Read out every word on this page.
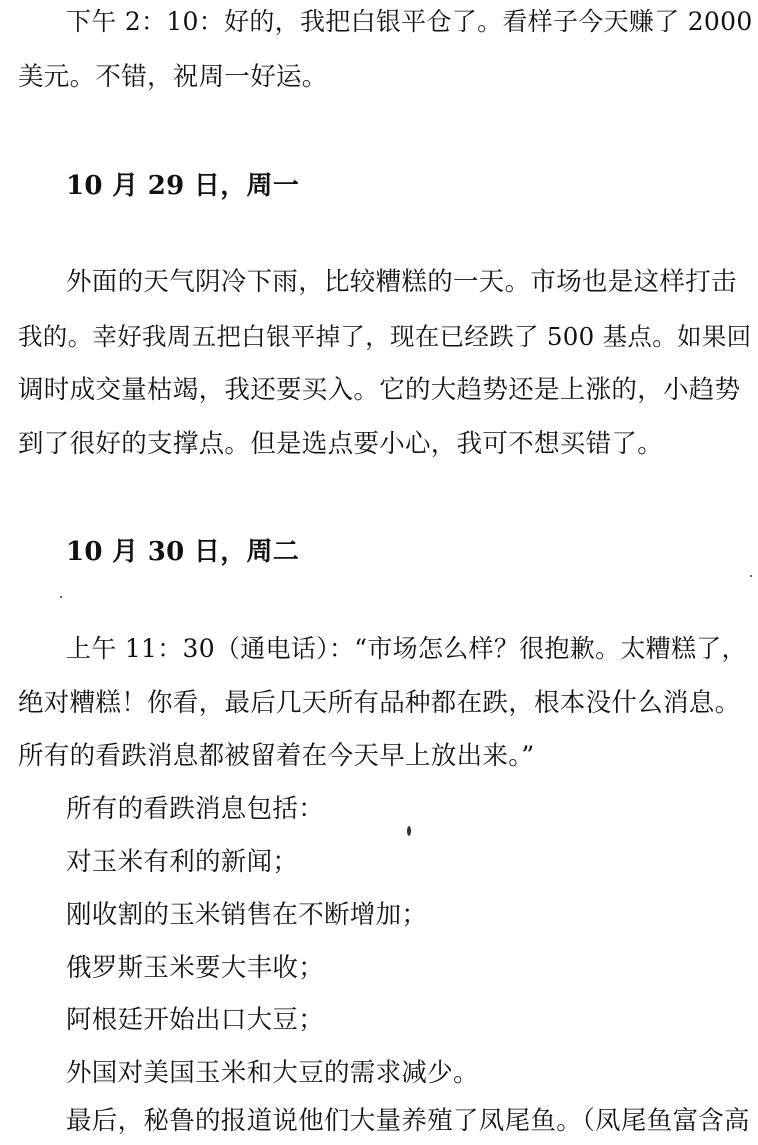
下午 2：10：好的，我把白银平仓了。看样子今天赚了 2000
美元。不错，祝周一好运。
10 月 29 日，周一
外面的天气阴冷下雨，比较糟糕的一天。市场也是这样打击
我的。幸好我周五把白银平掉了，现在已经跌了 500 基点。如果回
调时成交量枯竭，我还要买入。它的大趋势还是上涨的，小趋势
到了很好的支撑点。但是选点要小心，我可不想买错了。
10 月 30 日，周二
上午 11：30（通电话）：“市场怎么样？很抱歉。太糟糕了，
绝对糟糕！你看，最后几天所有品种都在跌，根本没什么消息。
所有的看跌消息都被留着在今天早上放出来。”
所有的看跌消息包括：
对玉米有利的新闻；
刚收割的玉米销售在不断增加；
俄罗斯玉米要大丰收；
阿根廷开始出口大豆；
外国对美国玉米和大豆的需求减少。
最后，秘鲁的报道说他们大量养殖了凤尾鱼。（凤尾鱼富含高
